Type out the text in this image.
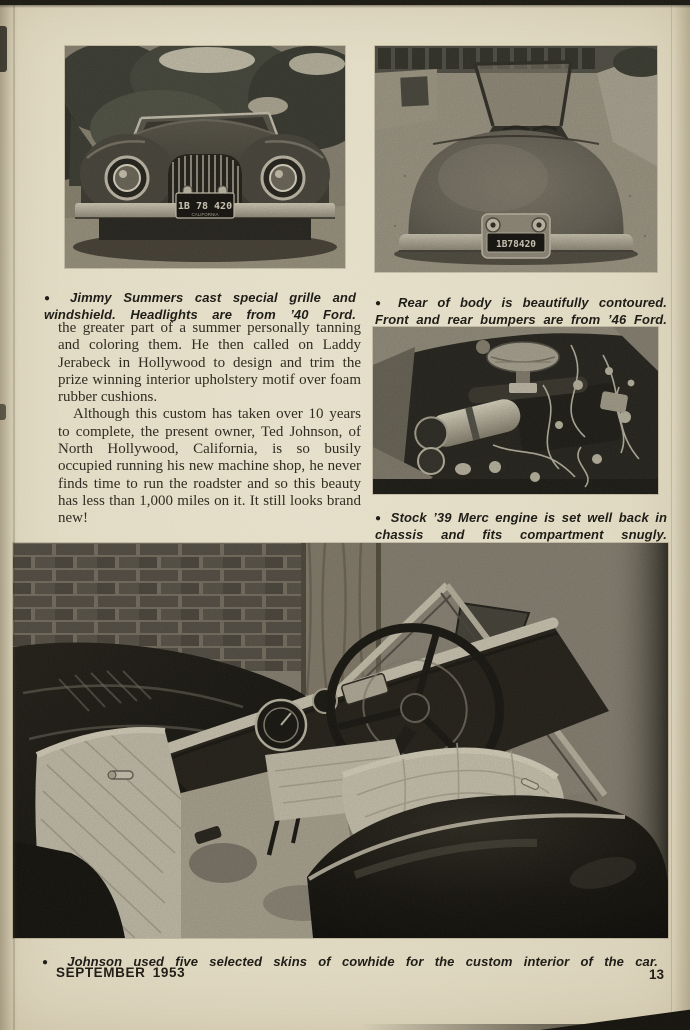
1B 78 420
CALIFORNIA
1B78420

● Jimmy Summers cast special grille and windshield. Headlights are from ’40 Ford.

● Rear of body is beautifully contoured. Front and rear bumpers are from ’46 Ford.

the greater part of a summer personally tanning and coloring them. He then called on Laddy Jerabeck in Hollywood to design and trim the prize winning interior upholstery motif over foam rubber cushions.

Although this custom has taken over 10 years to complete, the present owner, Ted Johnson, of North Hollywood, California, is so busily occupied running his new machine shop, he never finds time to run the roadster and so this beauty has less than 1,000 miles on it. It still looks brand new!	● Stock ’39 Merc engine is set well back in chassis and fits compartment snugly.

● Johnson used five selected skins of cowhide for the custom interior of the car.

SEPTEMBER 1953	13
